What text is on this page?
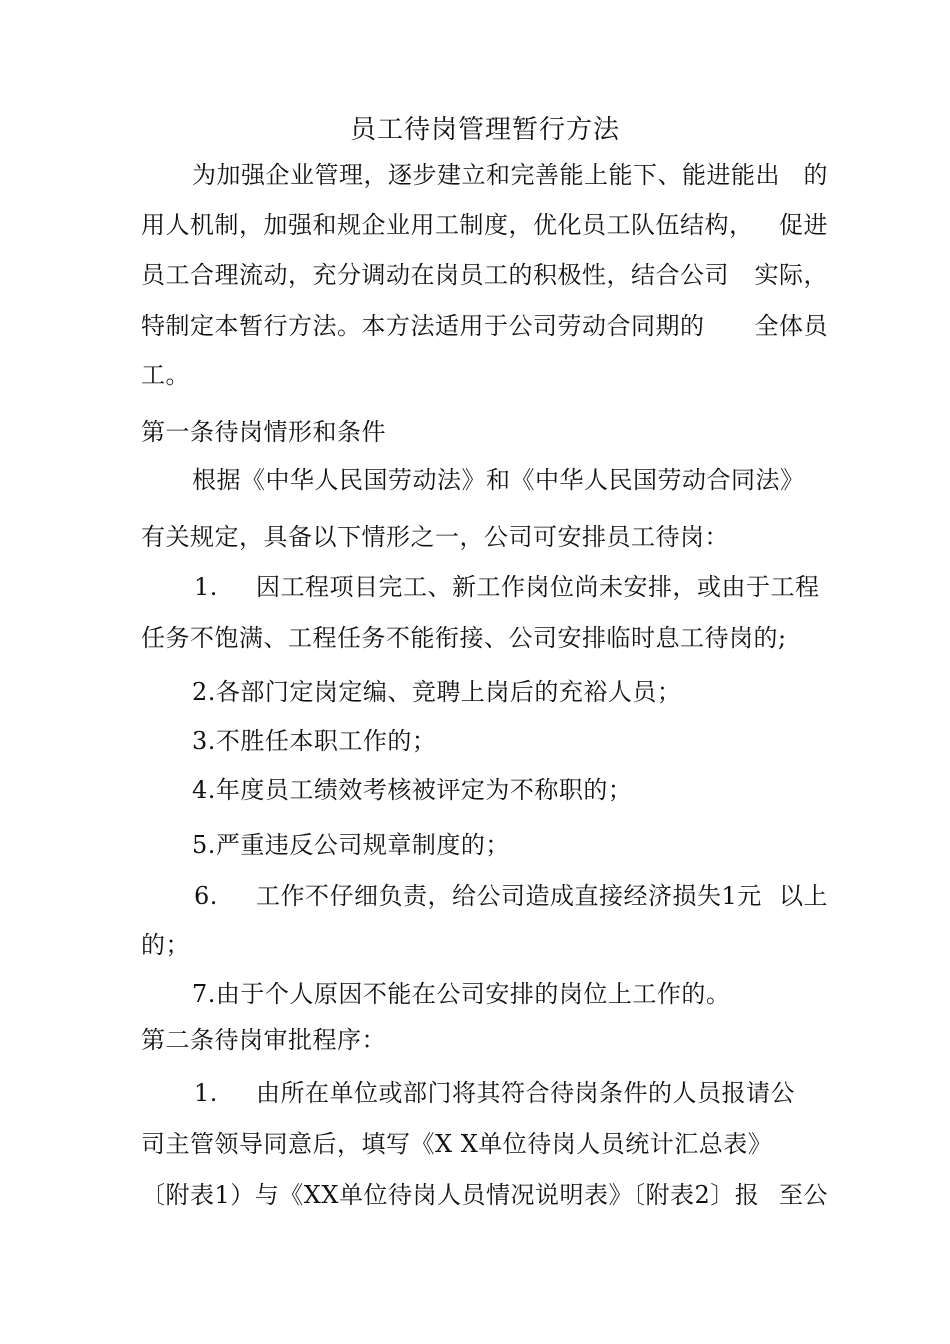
员工待岗管理暂行方法
为加强企业管理，逐步建立和完善能上能下、能进能出 的
用人机制，加强和规企业用工制度，优化员工队伍结构， 促进
员工合理流动，充分调动在岗员工的积极性，结合公司 实际，
特制定本暂行方法。本方法适用于公司劳动合同期的 全体员
工。
第一条待岗情形和条件
根据《中华人民国劳动法》和《中华人民国劳动合同法》
有关规定，具备以下情形之一，公司可安排员工待岗：
1.	因工程项目完工、新工作岗位尚未安排，或由于工程
任务不饱满、工程任务不能衔接、公司安排临时息工待岗的;
2.各部门定岗定编、竞聘上岗后的充裕人员；
3.不胜任本职工作的；
4.年度员工绩效考核被评定为不称职的；
5.严重违反公司规章制度的；
6.	工作不仔细负责，给公司造成直接经济损失1元 以上
的；
7.由于个人原因不能在公司安排的岗位上工作的。
第二条待岗审批程序：
1.	由所在单位或部门将其符合待岗条件的人员报请公
司主管领导同意后，填写《X X单位待岗人员统计汇总表》
〔附表1）与《XX单位待岗人员情况说明表》〔附表2〕报 至公
